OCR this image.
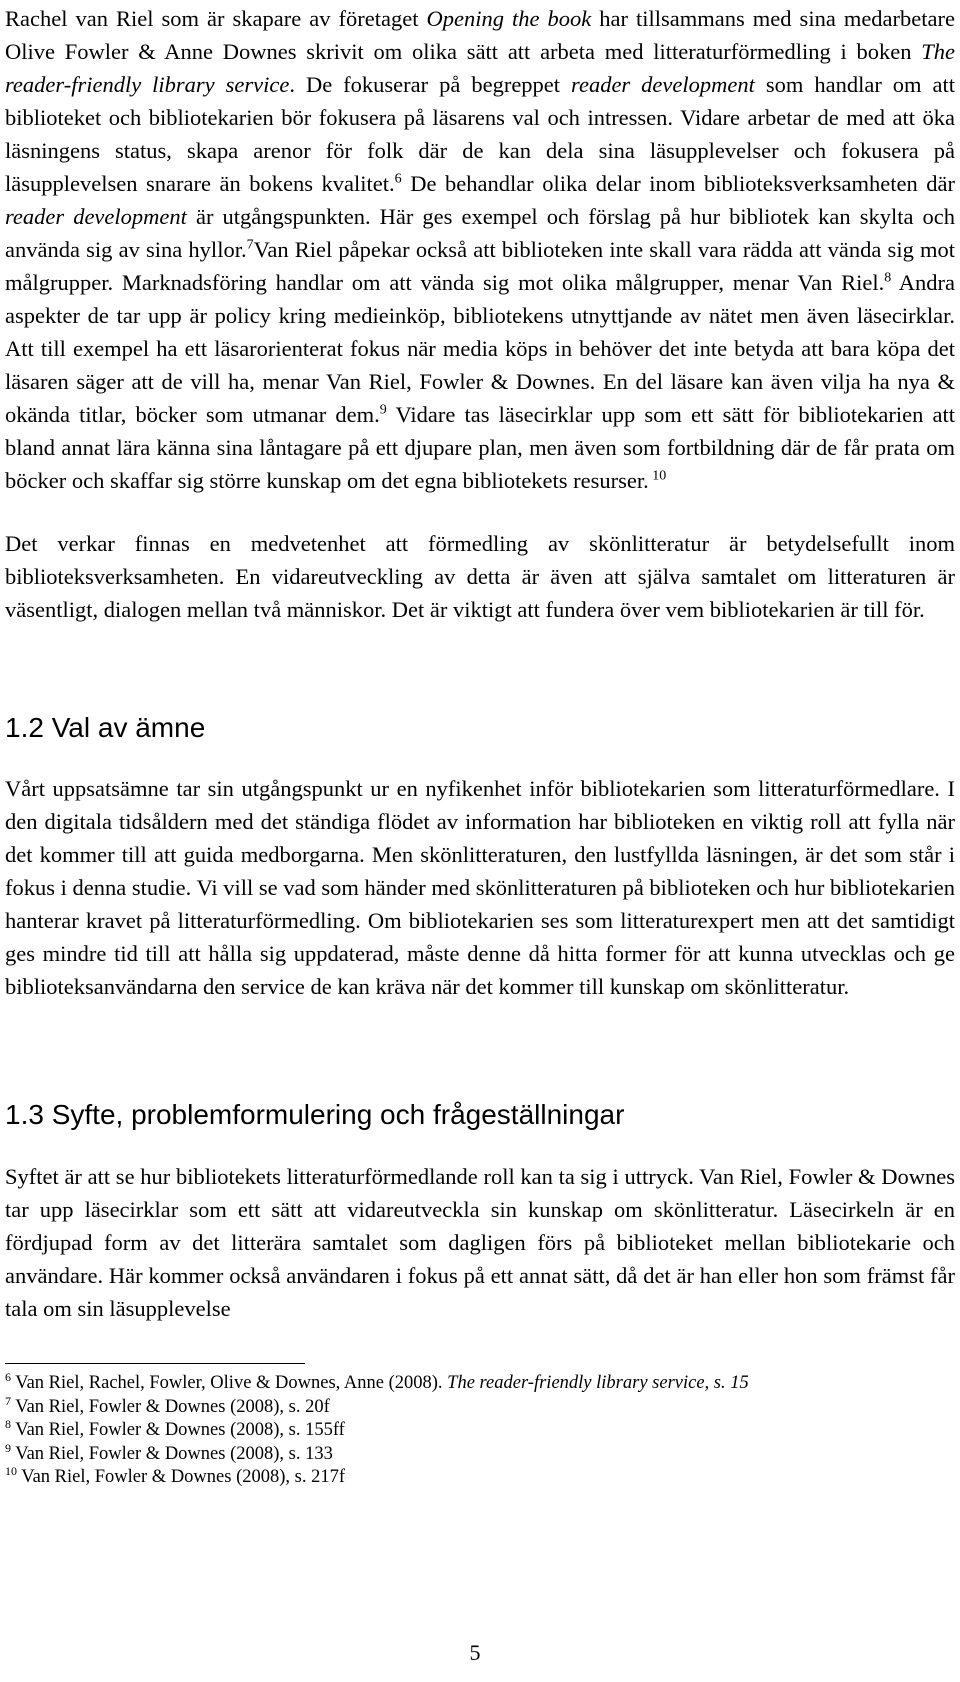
Rachel van Riel som är skapare av företaget Opening the book har tillsammans med sina medarbetare Olive Fowler & Anne Downes skrivit om olika sätt att arbeta med litteraturförmedling i boken The reader-friendly library service. De fokuserar på begreppet reader development som handlar om att biblioteket och bibliotekarien bör fokusera på läsarens val och intressen. Vidare arbetar de med att öka läsningens status, skapa arenor för folk där de kan dela sina läsupplevelser och fokusera på läsupplevelsen snarare än bokens kvalitet.$^6$ De behandlar olika delar inom biblioteksverksamheten där reader development är utgångspunkten. Här ges exempel och förslag på hur bibliotek kan skylta och använda sig av sina hyllor.$^7$Van Riel påpekar också att biblioteken inte skall vara rädda att vända sig mot målgrupper. Marknadsföring handlar om att vända sig mot olika målgrupper, menar Van Riel.$^8$ Andra aspekter de tar upp är policy kring medieinköp, bibliotekens utnyttjande av nätet men även läsecirklar. Att till exempel ha ett läsarorienterat fokus när media köps in behöver det inte betyda att bara köpa det läsaren säger att de vill ha, menar Van Riel, Fowler & Downes. En del läsare kan även vilja ha nya & okända titlar, böcker som utmanar dem.$^9$ Vidare tas läsecirklar upp som ett sätt för bibliotekarien att bland annat lära känna sina låntagare på ett djupare plan, men även som fortbildning där de får prata om böcker och skaffar sig större kunskap om det egna bibliotekets resurser. $^{10}$

Det verkar finnas en medvetenhet att förmedling av skönlitteratur är betydelsefullt inom biblioteksverksamheten. En vidareutveckling av detta är även att själva samtalet om litteraturen är väsentligt, dialogen mellan två människor. Det är viktigt att fundera över vem bibliotekarien är till för.

1.2 Val av ämne

Vårt uppsatsämne tar sin utgångspunkt ur en nyfikenhet inför bibliotekarien som litteraturförmedlare. I den digitala tidsåldern med det ständiga flödet av information har biblioteken en viktig roll att fylla när det kommer till att guida medborgarna. Men skönlitteraturen, den lustfyllda läsningen, är det som står i fokus i denna studie. Vi vill se vad som händer med skönlitteraturen på biblioteken och hur bibliotekarien hanterar kravet på litteraturförmedling. Om bibliotekarien ses som litteraturexpert men att det samtidigt ges mindre tid till att hålla sig uppdaterad, måste denne då hitta former för att kunna utvecklas och ge biblioteksanvändarna den service de kan kräva när det kommer till kunskap om skönlitteratur.

1.3 Syfte, problemformulering och frågeställningar

Syftet är att se hur bibliotekets litteraturförmedlande roll kan ta sig i uttryck. Van Riel, Fowler & Downes tar upp läsecirklar som ett sätt att vidareutveckla sin kunskap om skönlitteratur. Läsecirkeln är en fördjupad form av det litterära samtalet som dagligen förs på biblioteket mellan bibliotekarie och användare. Här kommer också användaren i fokus på ett annat sätt, då det är han eller hon som främst får tala om sin läsupplevelse

$^6$ Van Riel, Rachel, Fowler, Olive & Downes, Anne (2008). The reader-friendly library service, s. 15
$^7$ Van Riel, Fowler & Downes (2008), s. 20f
$^8$ Van Riel, Fowler & Downes (2008), s. 155ff
$^9$ Van Riel, Fowler & Downes (2008), s. 133
$^{10}$ Van Riel, Fowler & Downes (2008), s. 217f
5
